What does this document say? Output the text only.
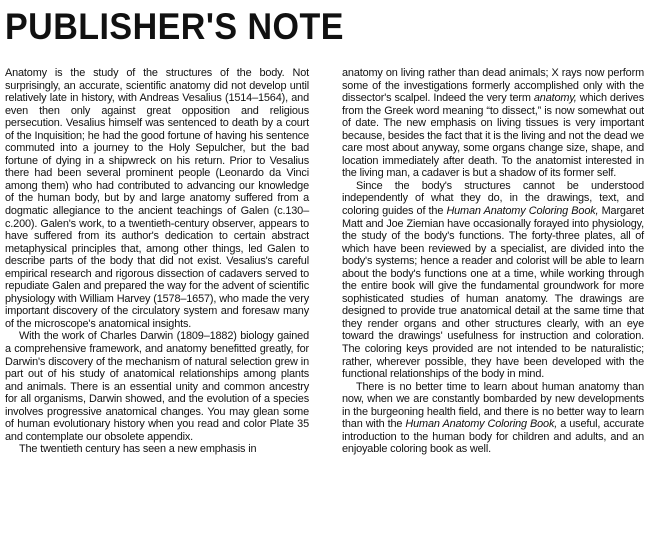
PUBLISHER'S NOTE

Anatomy is the study of the structures of the body. Not surprisingly, an accurate, scientific anatomy did not develop until relatively late in history, with Andreas Vesalius (1514–1564), and even then only against great opposition and religious persecution. Vesalius himself was sentenced to death by a court of the Inquisition; he had the good fortune of having his sentence commuted into a journey to the Holy Sepulcher, but the bad fortune of dying in a shipwreck on his return. Prior to Vesalius there had been several prominent people (Leonardo da Vinci among them) who had contributed to advancing our knowledge of the human body, but by and large anatomy suffered from a dogmatic allegiance to the ancient teachings of Galen (c.130–c.200). Galen's work, to a twentieth-century observer, appears to have suffered from its author's dedication to certain abstract metaphysical principles that, among other things, led Galen to describe parts of the body that did not exist. Vesalius's careful empirical research and rigorous dissection of cadavers served to repudiate Galen and prepared the way for the advent of scientific physiology with William Harvey (1578–1657), who made the very important discovery of the circulatory system and foresaw many of the microscope's anatomical insights.

With the work of Charles Darwin (1809–1882) biology gained a comprehensive framework, and anatomy benefitted greatly, for Darwin's discovery of the mechanism of natural selection grew in part out of his study of anatomical relationships among plants and animals. There is an essential unity and common ancestry for all organisms, Darwin showed, and the evolution of a species involves progressive anatomical changes. You may glean some of human evolutionary history when you read and color Plate 35 and contemplate our obsolete appendix.

The twentieth century has seen a new emphasis in

anatomy on living rather than dead animals; X rays now perform some of the investigations formerly accomplished only with the dissector's scalpel. Indeed the very term anatomy, which derives from the Greek word meaning “to dissect,” is now somewhat out of date. The new emphasis on living tissues is very important because, besides the fact that it is the living and not the dead we care most about anyway, some organs change size, shape, and location immediately after death. To the anatomist interested in the living man, a cadaver is but a shadow of its former self.

Since the body's structures cannot be understood independently of what they do, in the drawings, text, and coloring guides of the Human Anatomy Coloring Book, Margaret Matt and Joe Ziemian have occasionally forayed into physiology, the study of the body's functions. The forty-three plates, all of which have been reviewed by a specialist, are divided into the body's systems; hence a reader and colorist will be able to learn about the body's functions one at a time, while working through the entire book will give the fundamental groundwork for more sophisticated studies of human anatomy. The drawings are designed to provide true anatomical detail at the same time that they render organs and other structures clearly, with an eye toward the drawings' usefulness for instruction and coloration. The coloring keys provided are not intended to be naturalistic; rather, wherever possible, they have been developed with the functional relationships of the body in mind.

There is no better time to learn about human anatomy than now, when we are constantly bombarded by new developments in the burgeoning health field, and there is no better way to learn than with the Human Anatomy Coloring Book, a useful, accurate introduction to the human body for children and adults, and an enjoyable coloring book as well.
